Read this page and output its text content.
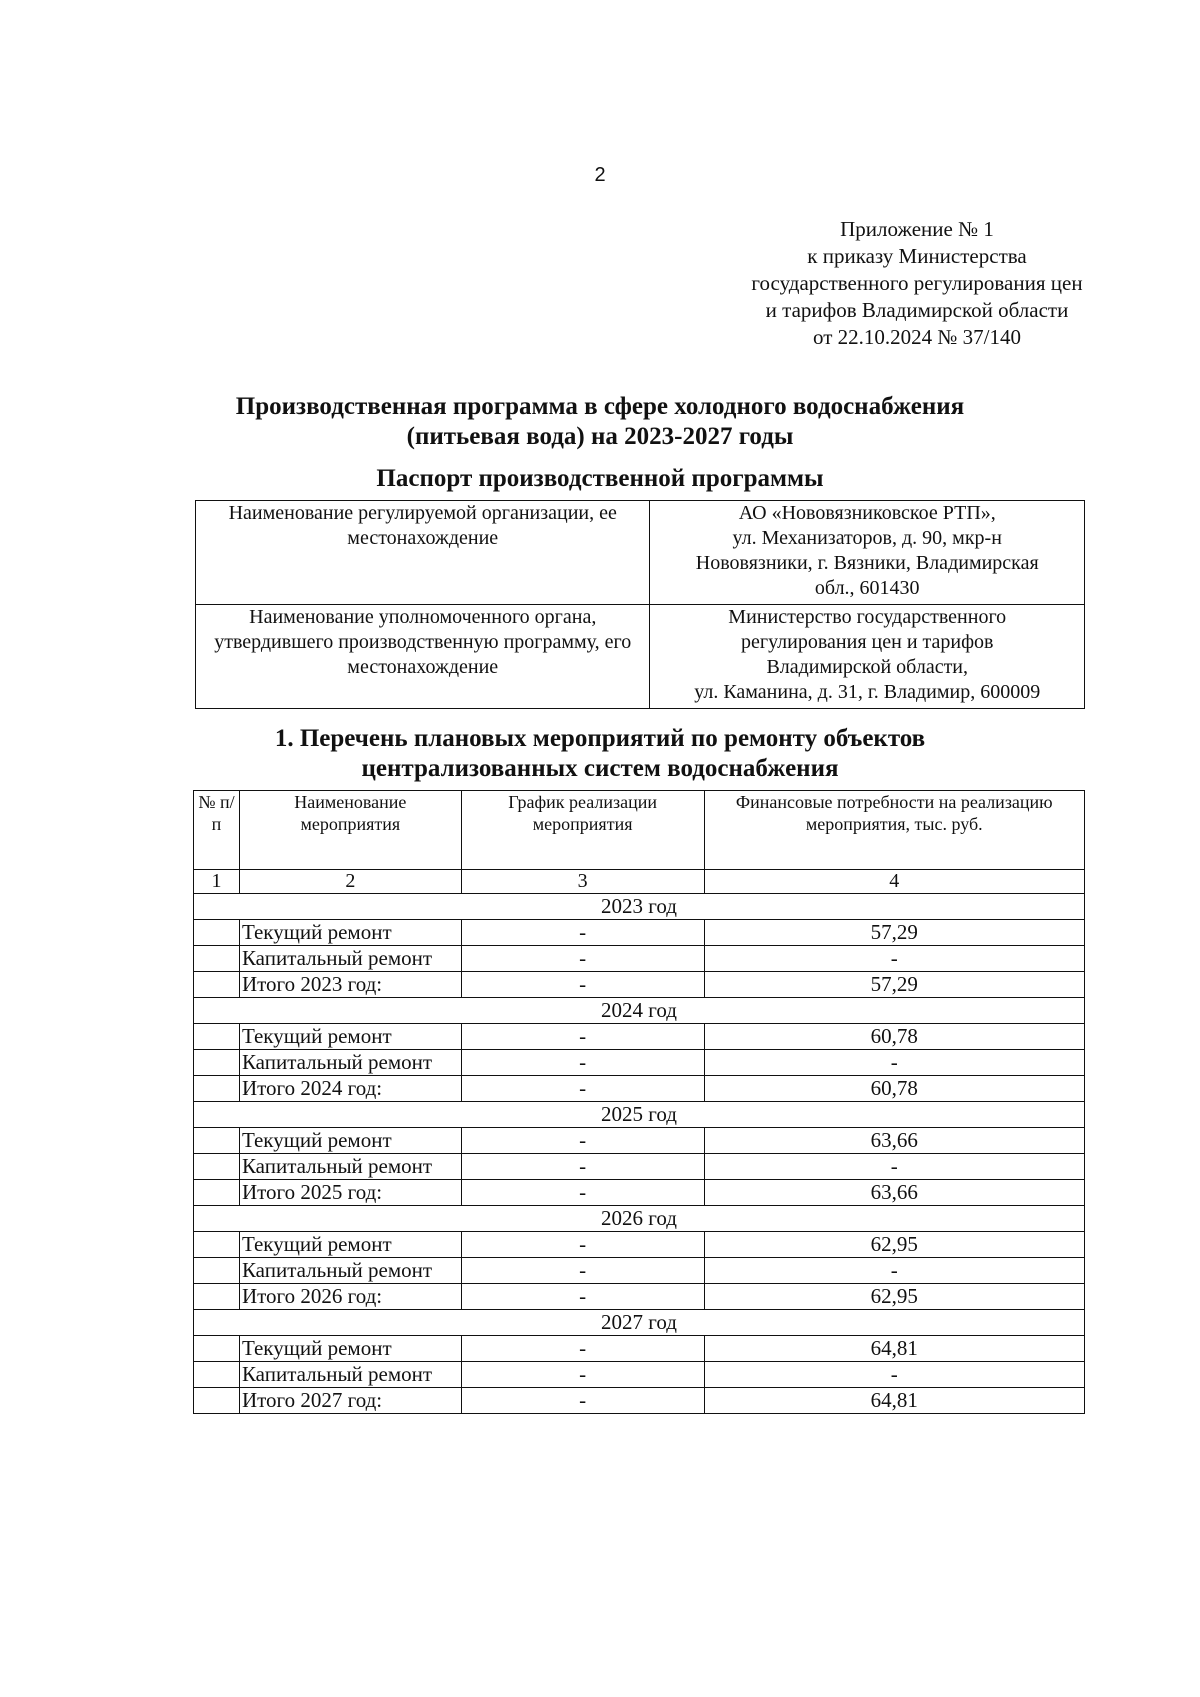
2
Приложение № 1
к приказу Министерства
государственного регулирования цен
и тарифов Владимирской области
от 22.10.2024 № 37/140
Производственная программа в сфере холодного водоснабжения
(питьевая вода) на 2023-2027 годы
Паспорт производственной программы
Наименование регулируемой организации, ее местонахождение	АО «Нововязниковское РТП»,
ул. Механизаторов, д. 90, мкр-н
Нововязники, г. Вязники, Владимирская
обл., 601430

Наименование уполномоченного органа, утвердившего производственную программу, его местонахождение	Министерство государственного
регулирования цен и тарифов
Владимирской области,
ул. Каманина, д. 31, г. Владимир, 600009
1. Перечень плановых мероприятий по ремонту объектов
централизованных систем водоснабжения
№ п/п	Наименование мероприятия	График реализации мероприятия	Финансовые потребности на реализацию мероприятия, тыс. руб.
1	2	3	4
2023 год			
	Текущий ремонт	-	57,29
	Капитальный ремонт	-	-
	Итого 2023 год:	-	57,29
2024 год			
	Текущий ремонт	-	60,78
	Капитальный ремонт	-	-
	Итого 2024 год:	-	60,78
2025 год			
	Текущий ремонт	-	63,66
	Капитальный ремонт	-	-
	Итого 2025 год:	-	63,66
2026 год			
	Текущий ремонт	-	62,95
	Капитальный ремонт	-	-
	Итого 2026 год:	-	62,95
2027 год			
	Текущий ремонт	-	64,81
	Капитальный ремонт	-	-
	Итого 2027 год:	-	64,81
